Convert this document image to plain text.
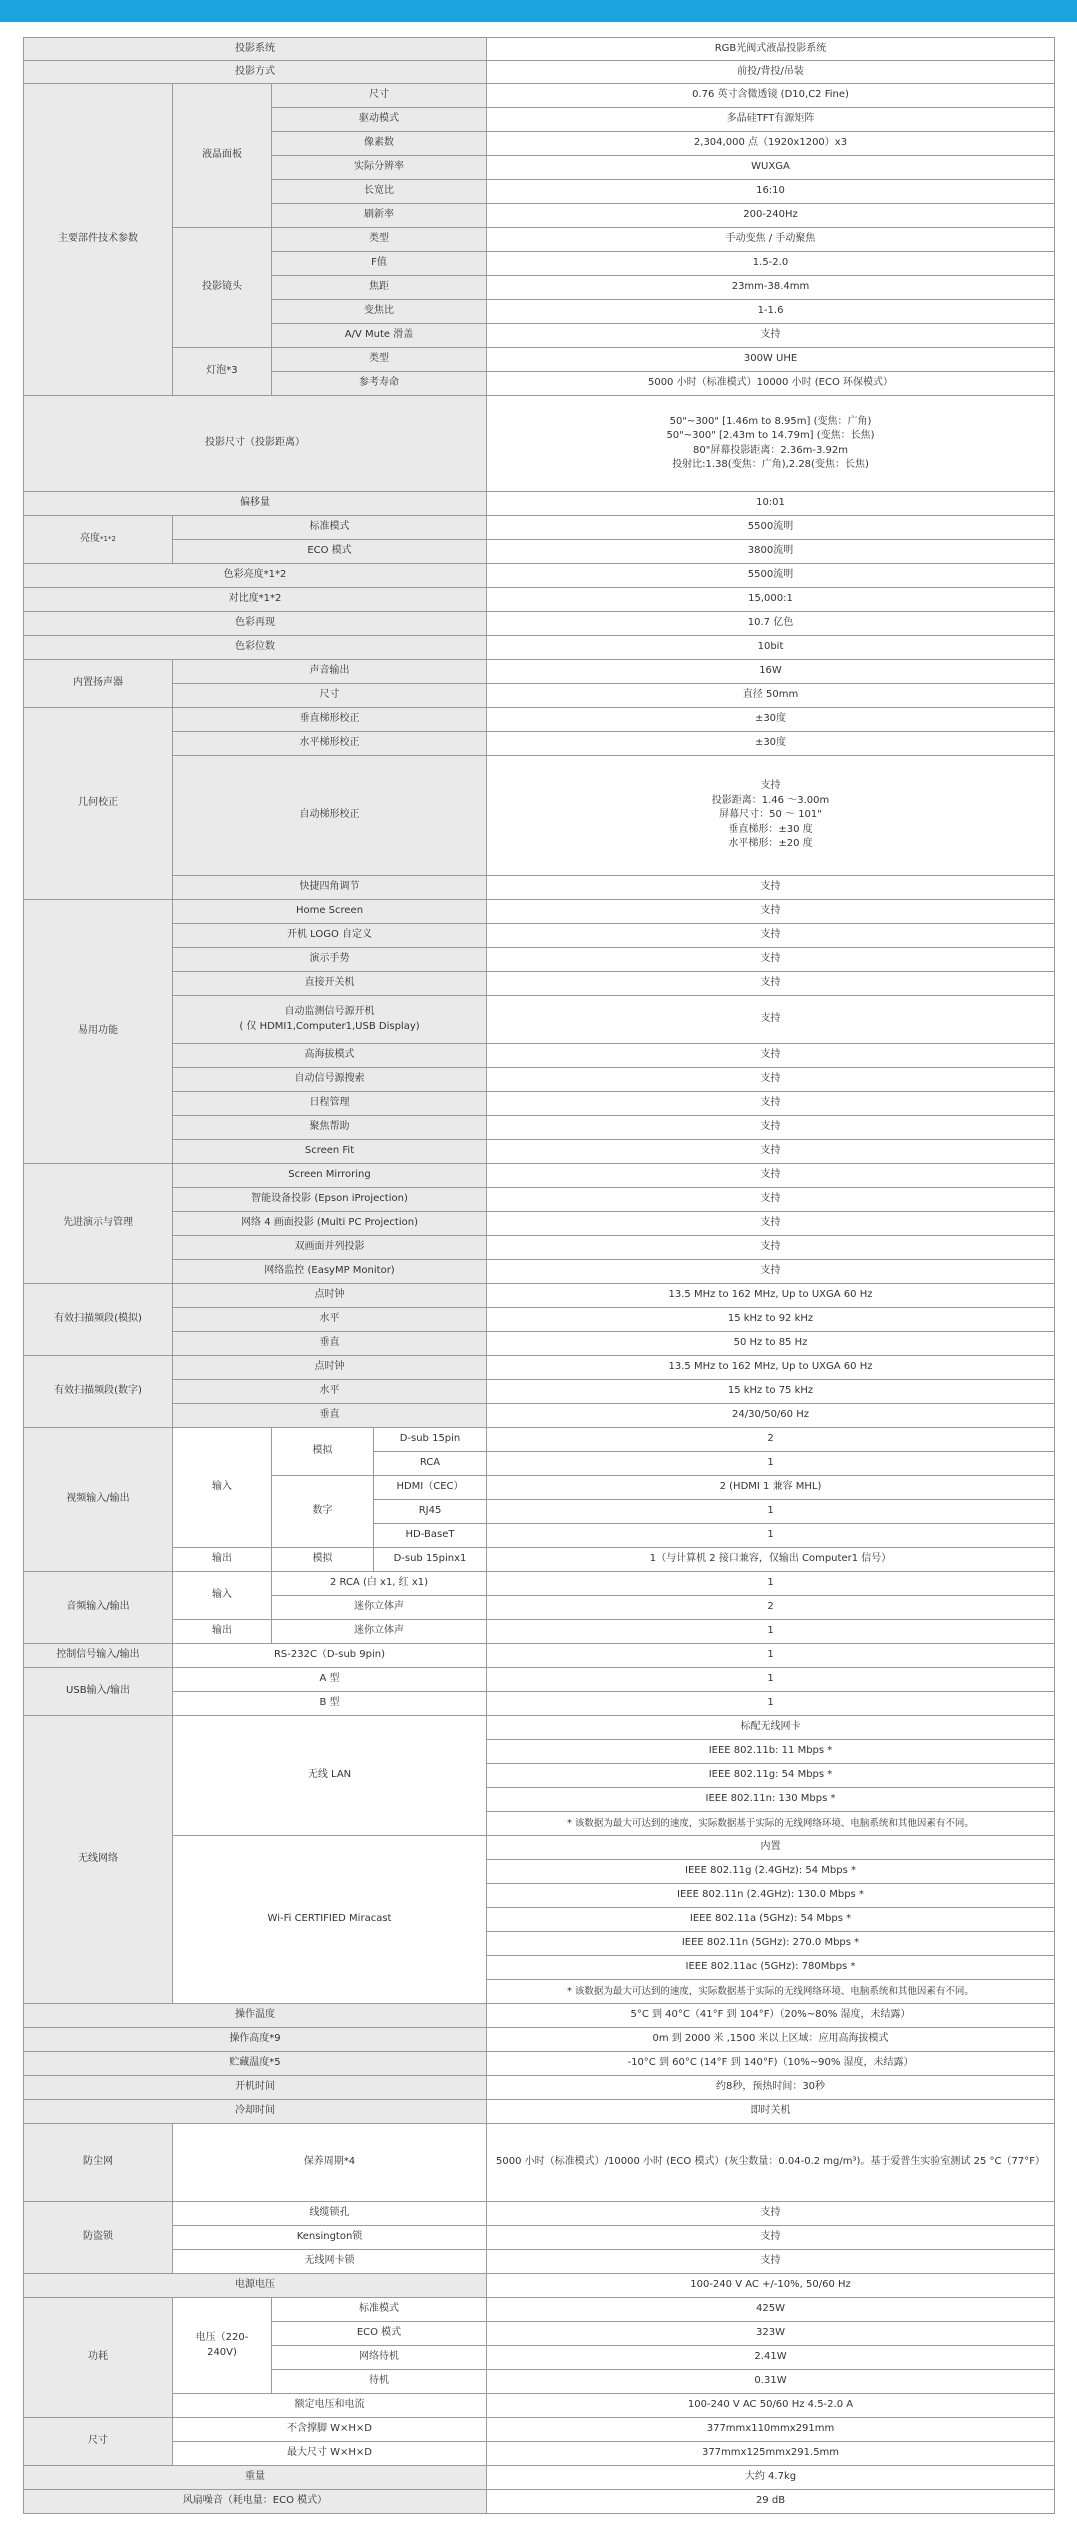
投影系统				RGB光阀式液晶投影系统
投影方式				前投/背投/吊装
主要部件技术参数	液晶面板	尺寸		0.76 英寸含微透镜 (D10,C2 Fine)
		驱动模式		多晶硅TFT有源矩阵
		像素数		2,304,000 点（1920x1200）x3
		实际分辨率		WUXGA
		长宽比		16:10
		刷新率		200-240Hz
	投影镜头	类型		手动变焦 / 手动聚焦
		F值		1.5-2.0
		焦距		23mm-38.4mm
		变焦比		1-1.6
		A/V Mute 滑盖		支持
	灯泡*3	类型		300W UHE
		参考寿命		5000 小时（标准模式）10000 小时 (ECO 环保模式）
投影尺寸（投影距离）				50"~300" [1.46m to 8.95m] (变焦：广角)
50"~300" [2.43m to 14.79m] (变焦：长焦)
80"屏幕投影距离：2.36m-3.92m
投射比:1.38(变焦：广角),2.28(变焦：长焦)

偏移量				10:01
亮度*1*2	标准模式			5500流明
	ECO 模式			3800流明
色彩亮度*1*2				5500流明
对比度*1*2				15,000:1
色彩再现				10.7 亿色
色彩位数				10bit
内置扬声器	声音输出			16W
	尺寸			直径 50mm
几何校正	垂直梯形校正			±30度
	水平梯形校正			±30度
	自动梯形校正			支持
投影距离：1.46 ～3.00m
屏幕尺寸：50 ～ 101"
垂直梯形：±30 度
水平梯形：±20 度

	快捷四角调节			支持
易用功能	Home Screen			支持
	开机 LOGO 自定义			支持
	演示手势			支持
	直接开关机			支持

	自动监测信号源开机
( 仅 HDMI1,Computer1,USB Display)			支持
	高海拔模式			支持
	自动信号源搜索			支持
	日程管理			支持
	聚焦帮助			支持
	Screen Fit			支持
先进演示与管理	Screen Mirroring			支持
	智能设备投影 (Epson iProjection)			支持
	网络 4 画面投影 (Multi PC Projection)			支持
	双画面并列投影			支持
	网络监控 (EasyMP Monitor)			支持
有效扫描频段(模拟)	点时钟			13.5 MHz to 162 MHz, Up to UXGA 60 Hz
	水平			15 kHz to 92 kHz
	垂直			50 Hz to 85 Hz
有效扫描频段(数字)	点时钟			13.5 MHz to 162 MHz, Up to UXGA 60 Hz
	水平			15 kHz to 75 kHz
	垂直			24/30/50/60 Hz
视频输入/输出	输入	模拟	D-sub 15pin	2
			RCA	1
		数字	HDMI（CEC）	2 (HDMI 1 兼容 MHL)
			RJ45	1
			HD-BaseT	1
	输出	模拟	D-sub 15pinx1	1（与计算机 2 接口兼容，仅输出 Computer1 信号）
音频输入/输出	输入	2 RCA (白 x1, 红 x1)		1
		迷你立体声		2
	输出	迷你立体声		1
控制信号输入/输出	RS-232C（D-sub 9pin)			1
USB输入/输出	A 型			1
	B 型			1
无线网络	无线 LAN			标配无线网卡
				IEEE 802.11b: 11 Mbps *
				IEEE 802.11g: 54 Mbps *
				IEEE 802.11n: 130 Mbps *
				* 该数据为最大可达到的速度，实际数据基于实际的无线网络环境、电脑系统和其他因素有不同。
	Wi-Fi CERTIFIED Miracast			内置
				IEEE 802.11g (2.4GHz): 54 Mbps *
				IEEE 802.11n (2.4GHz): 130.0 Mbps *
				IEEE 802.11a (5GHz): 54 Mbps *
				IEEE 802.11n (5GHz): 270.0 Mbps *
				IEEE 802.11ac (5GHz): 780Mbps *
				* 该数据为最大可达到的速度，实际数据基于实际的无线网络环境、电脑系统和其他因素有不同。
操作温度				5°C 到 40°C（41°F 到 104°F）（20%~80% 湿度，未结露）
操作高度*9				0m 到 2000 米 ,1500 米以上区域：应用高海拔模式
贮藏温度*5				-10°C 到 60°C (14°F 到 140°F)（10%~90% 湿度，未结露）
开机时间				约8秒，预热时间：30秒
冷却时间				即时关机
防尘网	保养周期*4			5000 小时（标准模式）/10000 小时 (ECO 模式）(灰尘数量：0.04-0.2 mg/m³)。基于爱普生实验室测试 25 °C（77°F）
防盗锁	线缆锁孔			支持
	Kensington锁			支持
	无线网卡锁			支持
电源电压				100-240 V AC +/-10%, 50/60 Hz
功耗	电压（220-
240V)	标准模式		425W
		ECO 模式		323W
		网络待机		2.41W
		待机		0.31W
	额定电压和电流			100-240 V AC 50/60 Hz 4.5-2.0 A
尺寸	不含撑脚 W×H×D			377mmx110mmx291mm
	最大尺寸 W×H×D			377mmx125mmx291.5mm
重量				大约 4.7kg
风扇噪音（耗电量：ECO 模式）				29 dB
